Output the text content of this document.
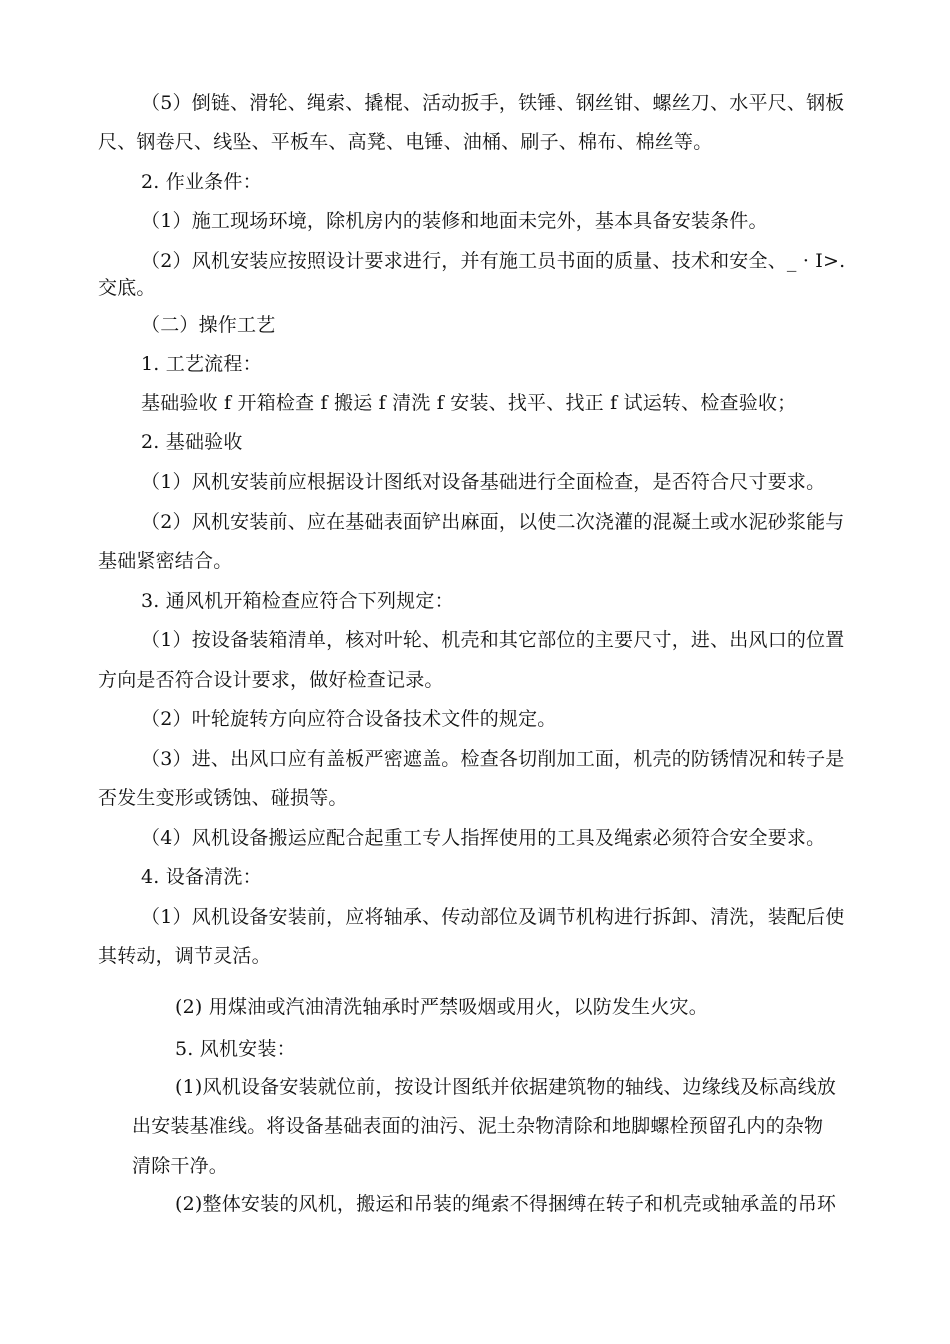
（5）倒链、滑轮、绳索、撬棍、活动扳手，铁锤、钢丝钳、螺丝刀、水平尺、钢板
尺、钢卷尺、线坠、平板车、高凳、电锤、油桶、刷子、棉布、棉丝等。
2. 作业条件：
（1）施工现场环境，除机房内的装修和地面未完外，基本具备安装条件。
（2）风机安装应按照设计要求进行，并有施工员书面的质量、技术和安全、_ · I>.
交底。
（二）操作工艺
1. 工艺流程：
基础验收 f 开箱检查 f 搬运 f 清洗 f 安装、找平、找正 f 试运转、检查验收；
2. 基础验收
（1）风机安装前应根据设计图纸对设备基础进行全面检查，是否符合尺寸要求。
（2）风机安装前、应在基础表面铲出麻面，以使二次浇灌的混凝土或水泥砂浆能与
基础紧密结合。
3. 通风机开箱检查应符合下列规定：
（1）按设备装箱清单，核对叶轮、机壳和其它部位的主要尺寸，进、出风口的位置
方向是否符合设计要求，做好检查记录。
（2）叶轮旋转方向应符合设备技术文件的规定。
（3）进、出风口应有盖板严密遮盖。检查各切削加工面，机壳的防锈情况和转子是
否发生变形或锈蚀、碰损等。
（4）风机设备搬运应配合起重工专人指挥使用的工具及绳索必须符合安全要求。
4. 设备清洗：
（1）风机设备安装前，应将轴承、传动部位及调节机构进行拆卸、清洗，装配后使
其转动，调节灵活。
(2) 用煤油或汽油清洗轴承时严禁吸烟或用火，以防发生火灾。
5. 风机安装：
(1)风机设备安装就位前，按设计图纸并依据建筑物的轴线、边缘线及标高线放
出安装基准线。将设备基础表面的油污、泥土杂物清除和地脚螺栓预留孔内的杂物
清除干净。
(2)整体安装的风机，搬运和吊装的绳索不得捆缚在转子和机壳或轴承盖的吊环
